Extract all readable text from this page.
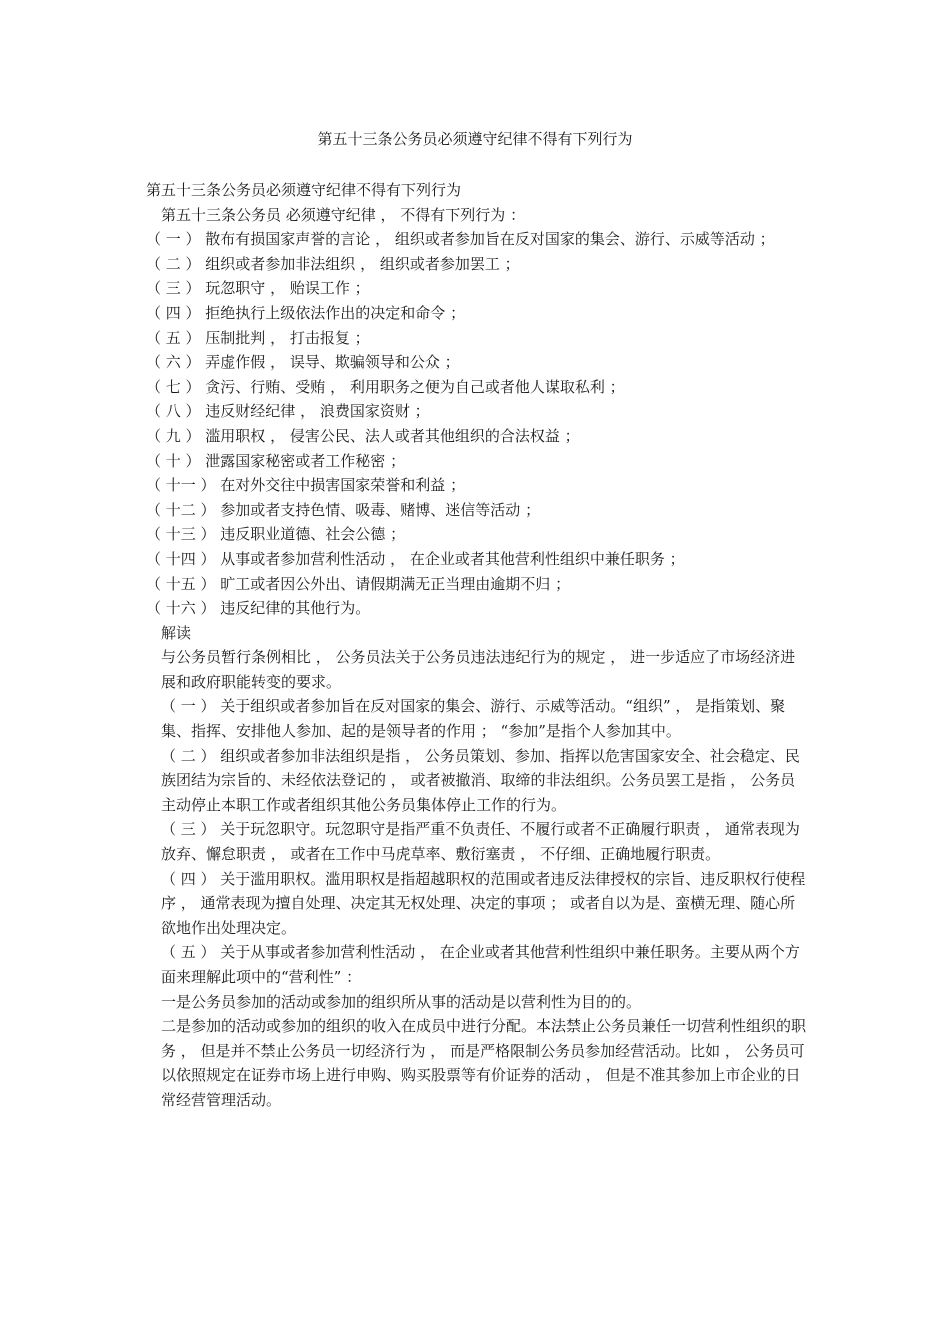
第五十三条公务员必须遵守纪律不得有下列行为

第五十三条公务员必须遵守纪律不得有下列行为

第五十三条公务员 必须遵守纪律 ， 不得有下列行为 ：

（ 一 ） 散布有损国家声誉的言论 ， 组织或者参加旨在反对国家的集会、游行、示威等活动 ；

（ 二 ） 组织或者参加非法组织 ， 组织或者参加罢工 ；

（ 三 ） 玩忽职守 ， 贻误工作 ；

（ 四 ） 拒绝执行上级依法作出的决定和命令 ；

（ 五 ） 压制批判 ， 打击报复 ；

（ 六 ） 弄虚作假 ， 误导、欺骗领导和公众 ；

（ 七 ） 贪污、行贿、受贿 ， 利用职务之便为自己或者他人谋取私利 ；

（ 八 ） 违反财经纪律 ， 浪费国家资财 ；

（ 九 ） 滥用职权 ， 侵害公民、法人或者其他组织的合法权益 ；

（ 十 ） 泄露国家秘密或者工作秘密 ；

（ 十一 ） 在对外交往中损害国家荣誉和利益 ；

（ 十二 ） 参加或者支持色情、吸毒、赌博、迷信等活动 ；

（ 十三 ） 违反职业道德、社会公德 ；

（ 十四 ） 从事或者参加营利性活动 ， 在企业或者其他营利性组织中兼任职务 ；

（ 十五 ） 旷工或者因公外出、请假期满无正当理由逾期不归 ；

（ 十六 ） 违反纪律的其他行为。

解读

与公务员暂行条例相比 ， 公务员法关于公务员违法违纪行为的规定 ， 进一步适应了市场经济进展和政府职能转变的要求。

（ 一 ） 关于组织或者参加旨在反对国家的集会、游行、示威等活动。“组织” ， 是指策划、聚集、指挥、安排他人参加、起的是领导者的作用 ； “参加”是指个人参加其中。

（ 二 ） 组织或者参加非法组织是指 ， 公务员策划、参加、指挥以危害国家安全、社会稳定、民族团结为宗旨的、未经依法登记的 ， 或者被撤消、取缔的非法组织。公务员罢工是指 ， 公务员主动停止本职工作或者组织其他公务员集体停止工作的行为。

（ 三 ） 关于玩忽职守。玩忽职守是指严重不负责任、不履行或者不正确履行职责 ， 通常表现为放弃、懈怠职责 ， 或者在工作中马虎草率、敷衍塞责 ， 不仔细、正确地履行职责。

（ 四 ） 关于滥用职权。滥用职权是指超越职权的范围或者违反法律授权的宗旨、违反职权行使程序 ， 通常表现为擅自处理、决定其无权处理、决定的事项 ； 或者自以为是、蛮横无理、随心所欲地作出处理决定。

（ 五 ） 关于从事或者参加营利性活动 ， 在企业或者其他营利性组织中兼任职务。主要从两个方面来理解此项中的“营利性” ：

一是公务员参加的活动或参加的组织所从事的活动是以营利性为目的的。

二是参加的活动或参加的组织的收入在成员中进行分配。本法禁止公务员兼任一切营利性组织的职务 ， 但是并不禁止公务员一切经济行为 ， 而是严格限制公务员参加经营活动。比如 ， 公务员可以依照规定在证券市场上进行申购、购买股票等有价证券的活动 ， 但是不准其参加上市企业的日常经营管理活动。
